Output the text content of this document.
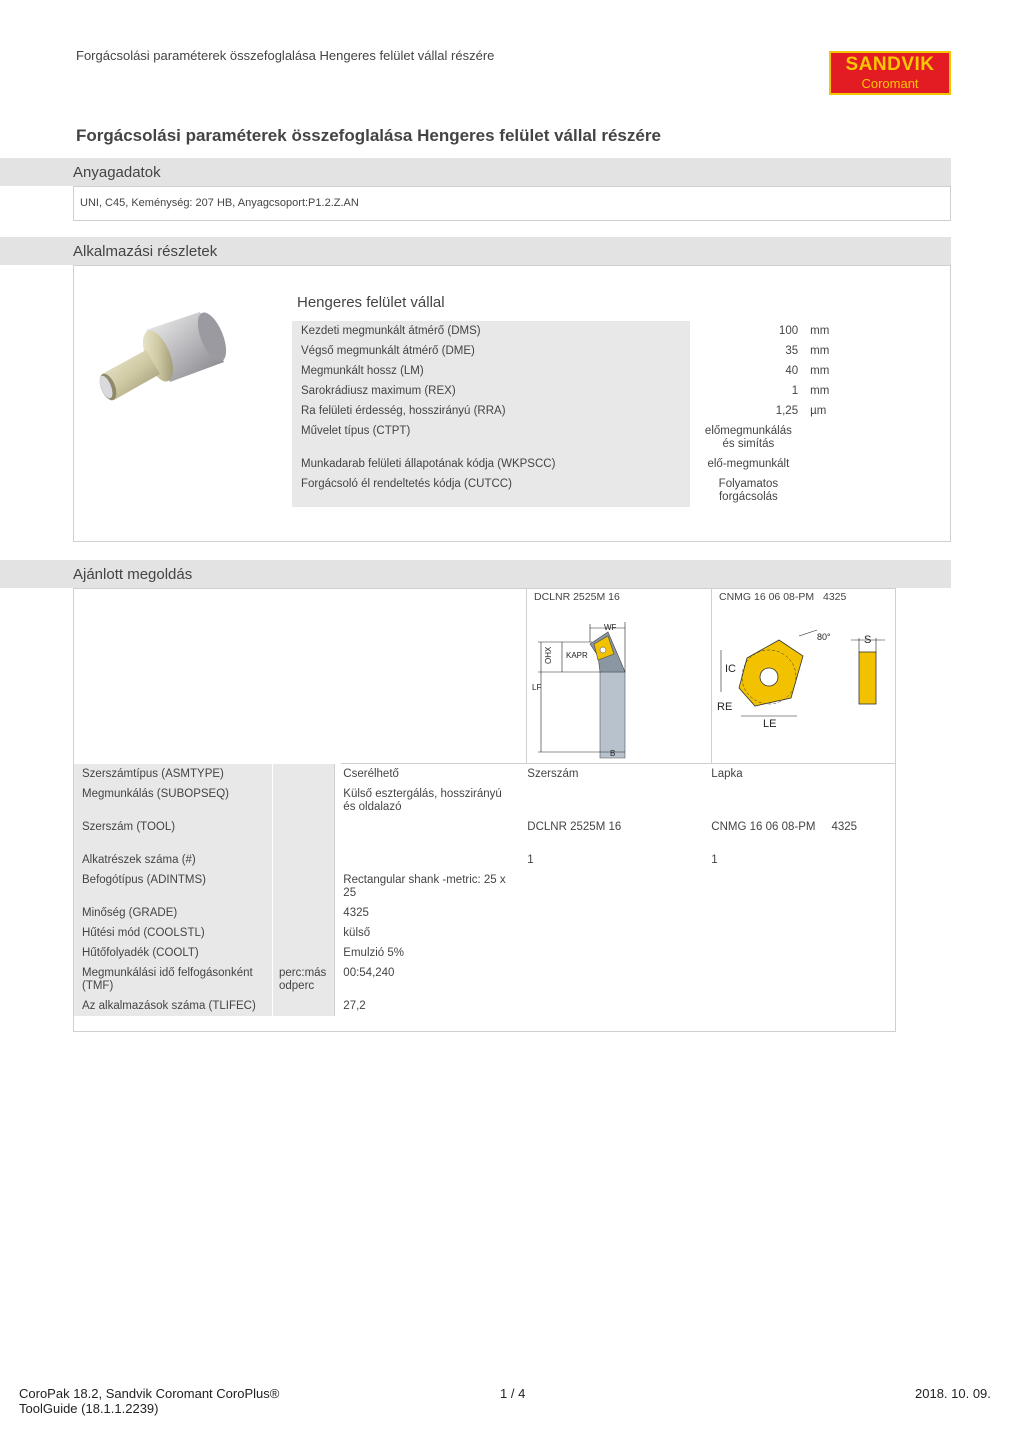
Forgácsolási paraméterek összefoglalása Hengeres felület vállal részére	SANDVIK
Coromant
Forgácsolási paraméterek összefoglalása Hengeres felület vállal részére
Anyagadatok
UNI, C45, Keménység: 207 HB, Anyagcsoport:P1.2.Z.AN
Alkalmazási részletek
Hengeres felület vállal
Kezdeti megmunkált átmérő (DMS)	100	mm
Végső megmunkált átmérő (DME)	35	mm
Megmunkált hossz (LM)	40	mm
Sarokrádiusz maximum (REX)	1	mm
Ra felületi érdesség, hosszirányú (RRA)	1,25	µm
Művelet típus (CTPT)	előmegmunkálás és simítás	
Munkadarab felületi állapotának kódja (WKPSCC)	elő-megmunkált	
Forgácsoló él rendeltetés kódja (CUTCC)	Folyamatos forgácsolás	
Ajánlott megoldás
DCLNR 2525M 16	CNMG 16 06 08-PM 4325
WF
KAPR
OHX
LF
B
80°	S
IC
RE
LE
Szerszámtípus (ASMTYPE)		Cserélhető	Szerszám	Lapka
Megmunkálás (SUBOPSEQ)		Külső esztergálás, hosszirányú és oldalazó		
Szerszám (TOOL)			DCLNR 2525M 16	CNMG 16 06 08-PM     4325
Alkatrészek száma (#)			1	1
Befogótípus (ADINTMS)		Rectangular shank -metric: 25 x 25		
Minőség (GRADE)		4325		
Hűtési mód (COOLSTL)		külső		
Hűtőfolyadék (COOLT)		Emulzió 5%		
Megmunkálási idő felfogásonként (TMF)	perc:más odperc	00:54,240		
Az alkalmazások száma (TLIFEC)		27,2		
CoroPak 18.2, Sandvik Coromant CoroPlus®
ToolGuide (18.1.1.2239)
1 / 4	2018. 10. 09.
